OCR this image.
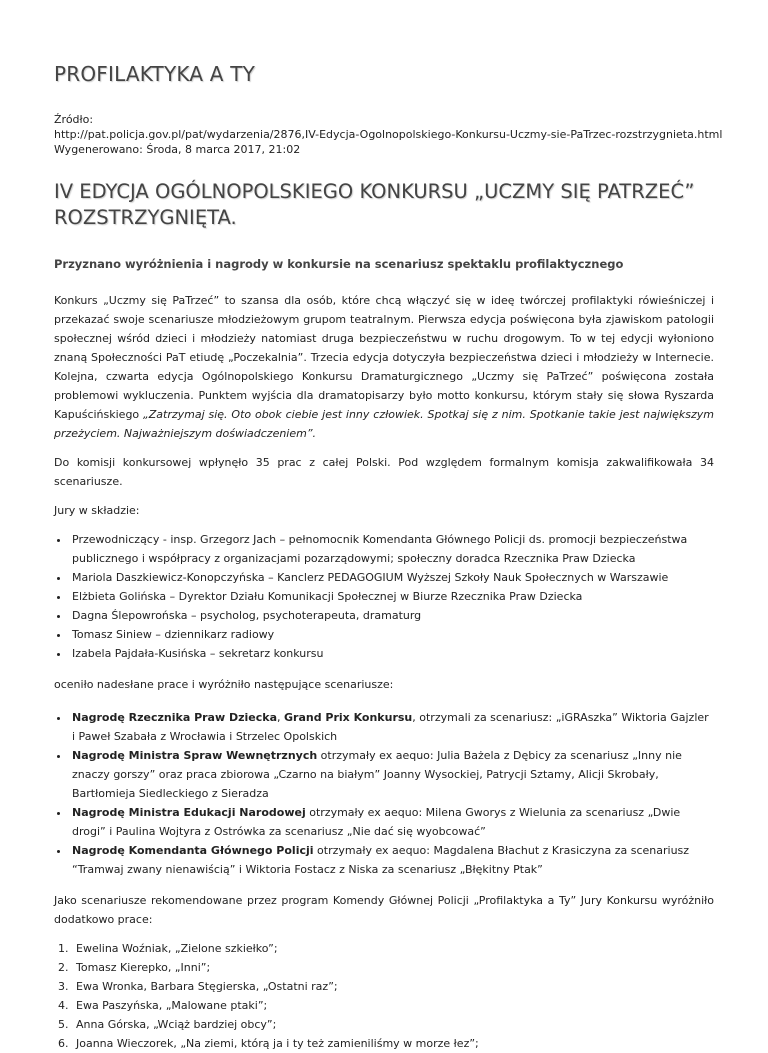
PROFILAKTYKA A TY
Źródło:
http://pat.policja.gov.pl/pat/wydarzenia/2876,IV-Edycja-Ogolnopolskiego-Konkursu-Uczmy-sie-PaTrzec-rozstrzygnieta.html
Wygenerowano: Środa, 8 marca 2017, 21:02
IV EDYCJA OGÓLNOPOLSKIEGO KONKURSU „UCZMY SIĘ PATRZEĆ” ROZSTRZYGNIĘTA.
Przyznano wyróżnienia i nagrody w konkursie na scenariusz spektaklu profilaktycznego

Konkurs „Uczmy się PaTrzeć” to szansa dla osób, które chcą włączyć się w ideę twórczej profilaktyki rówieśniczej i przekazać swoje scenariusze młodzieżowym grupom teatralnym. Pierwsza edycja poświęcona była zjawiskom patologii społecznej wśród dzieci i młodzieży natomiast druga bezpieczeństwu w ruchu drogowym. To w tej edycji wyłoniono znaną Społeczności PaT etiudę „Poczekalnia”. Trzecia edycja dotyczyła bezpieczeństwa dzieci i młodzieży w Internecie. Kolejna, czwarta edycja Ogólnopolskiego Konkursu Dramaturgicznego „Uczmy się PaTrzeć” poświęcona została problemowi wykluczenia. Punktem wyjścia dla dramatopisarzy było motto konkursu, którym stały się słowa Ryszarda Kapuścińskiego „Zatrzymaj się. Oto obok ciebie jest inny człowiek. Spotkaj się z nim. Spotkanie takie jest największym przeżyciem. Najważniejszym doświadczeniem”.

Do komisji konkursowej wpłynęło 35 prac z całej Polski. Pod względem formalnym komisja zakwalifikowała 34 scenariusze.

Jury w składzie:

• Przewodniczący - insp. Grzegorz Jach – pełnomocnik Komendanta Głównego Policji ds. promocji bezpieczeństwa publicznego i współpracy z organizacjami pozarządowymi; społeczny doradca Rzecznika Praw Dziecka
• Mariola Daszkiewicz-Konopczyńska – Kanclerz PEDAGOGIUM Wyższej Szkoły Nauk Społecznych w Warszawie
• Elżbieta Golińska – Dyrektor Działu Komunikacji Społecznej w Biurze Rzecznika Praw Dziecka
• Dagna Ślepowrońska – psycholog, psychoterapeuta, dramaturg
• Tomasz Siniew – dziennikarz radiowy
• Izabela Pajdała-Kusińska – sekretarz konkursu

oceniło nadesłane prace i wyróżniło następujące scenariusze:

• Nagrodę Rzecznika Praw Dziecka, Grand Prix Konkursu, otrzymali za scenariusz: „iGRAszka” Wiktoria Gajzler i Paweł Szabała z Wrocławia i Strzelec Opolskich
• Nagrodę Ministra Spraw Wewnętrznych otrzymały ex aequo: Julia Bażela z Dębicy za scenariusz „Inny nie znaczy gorszy” oraz praca zbiorowa „Czarno na białym” Joanny Wysockiej, Patrycji Sztamy, Alicji Skrobały, Bartłomieja Siedleckiego z Sieradza
• Nagrodę Ministra Edukacji Narodowej otrzymały ex aequo: Milena Gworys z Wielunia za scenariusz „Dwie drogi” i Paulina Wojtyra z Ostrówka za scenariusz „Nie dać się wyobcować”
• Nagrodę Komendanta Głównego Policji otrzymały ex aequo: Magdalena Błachut z Krasiczyna za scenariusz “Tramwaj zwany nienawiścią” i Wiktoria Fostacz z Niska za scenariusz „Błękitny Ptak”

Jako scenariusze rekomendowane przez program Komendy Głównej Policji „Profilaktyka a Ty” Jury Konkursu wyróżniło dodatkowo prace:

1. Ewelina Woźniak, „Zielone szkiełko”;
2. Tomasz Kierepko, „Inni”;
3. Ewa Wronka, Barbara Stęgierska, „Ostatni raz”;
4. Ewa Paszyńska, „Malowane ptaki”;
5. Anna Górska, „Wciąż bardziej obcy”;
6. Joanna Wieczorek, „Na ziemi, którą ja i ty też zamieniliśmy w morze łez”;
